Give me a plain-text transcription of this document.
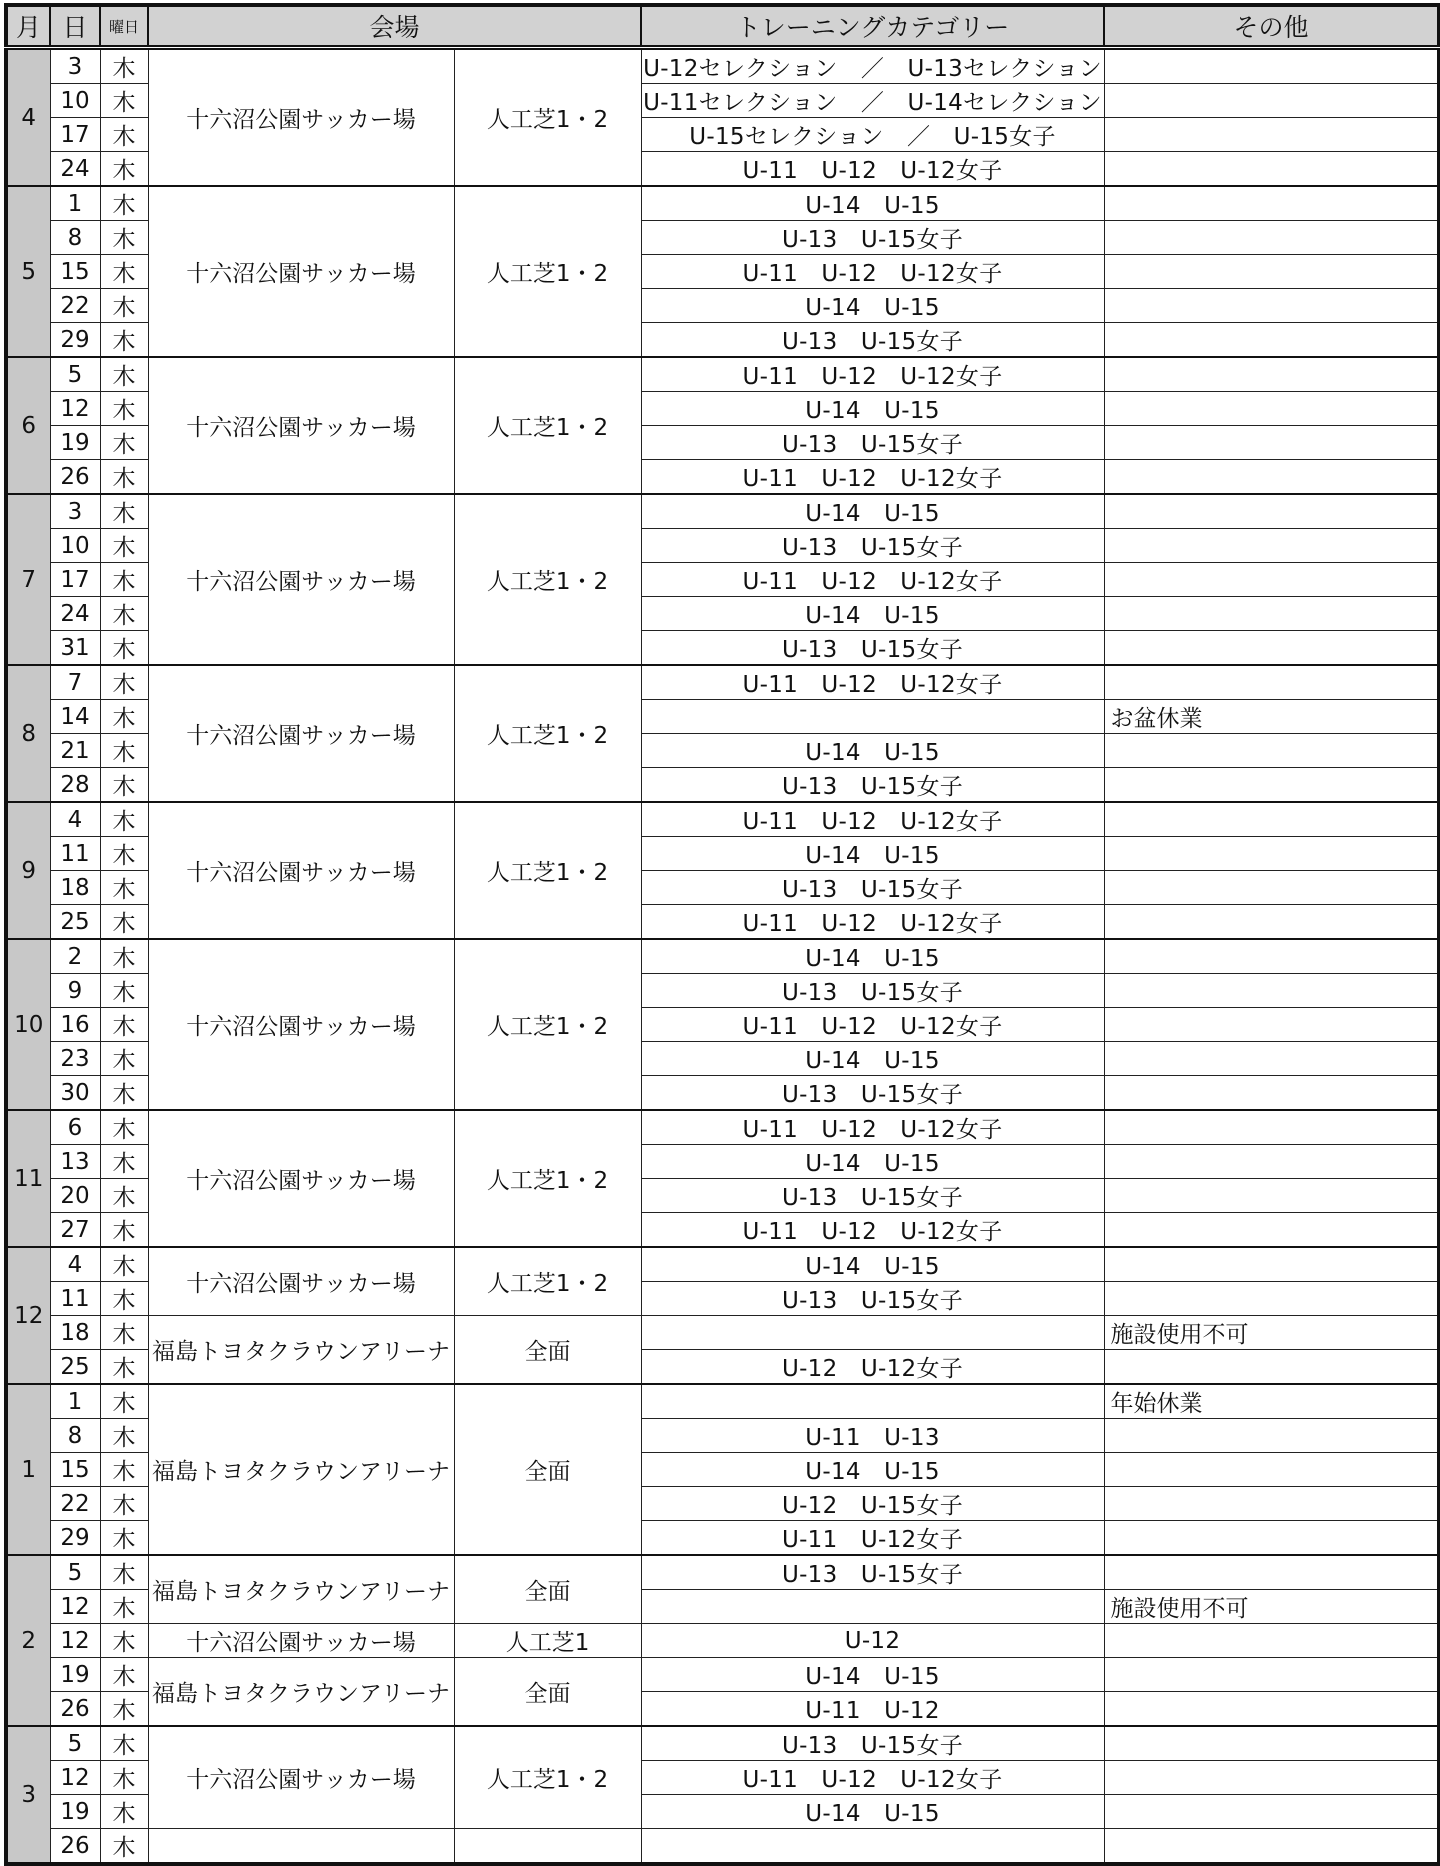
月	日	曜日	会場		トレーニングカテゴリー	その他
4	3	木	十六沼公園サッカー場	人工芝1・2	U-12セレクション　／　U-13セレクション	
	10	木			U-11セレクション　／　U-14セレクション	
	17	木			U-15セレクション　／　U-15女子	
	24	木			U-11　U-12　U-12女子	
5	1	木	十六沼公園サッカー場	人工芝1・2	U-14　U-15	
	8	木			U-13　U-15女子	
	15	木			U-11　U-12　U-12女子	
	22	木			U-14　U-15	
	29	木			U-13　U-15女子	
6	5	木	十六沼公園サッカー場	人工芝1・2	U-11　U-12　U-12女子	
	12	木			U-14　U-15	
	19	木			U-13　U-15女子	
	26	木			U-11　U-12　U-12女子	
7	3	木	十六沼公園サッカー場	人工芝1・2	U-14　U-15	
	10	木			U-13　U-15女子	
	17	木			U-11　U-12　U-12女子	
	24	木			U-14　U-15	
	31	木			U-13　U-15女子	
8	7	木	十六沼公園サッカー場	人工芝1・2	U-11　U-12　U-12女子	
	14	木				お盆休業
	21	木			U-14　U-15	
	28	木			U-13　U-15女子	
9	4	木	十六沼公園サッカー場	人工芝1・2	U-11　U-12　U-12女子	
	11	木			U-14　U-15	
	18	木			U-13　U-15女子	
	25	木			U-11　U-12　U-12女子	
10	2	木	十六沼公園サッカー場	人工芝1・2	U-14　U-15	
	9	木			U-13　U-15女子	
	16	木			U-11　U-12　U-12女子	
	23	木			U-14　U-15	
	30	木			U-13　U-15女子	
11	6	木	十六沼公園サッカー場	人工芝1・2	U-11　U-12　U-12女子	
	13	木			U-14　U-15	
	20	木			U-13　U-15女子	
	27	木			U-11　U-12　U-12女子	
12	4	木	十六沼公園サッカー場	人工芝1・2	U-14　U-15	
	11	木			U-13　U-15女子	
	18	木	福島トヨタクラウンアリーナ	全面		施設使用不可
	25	木			U-12　U-12女子	
1	1	木	福島トヨタクラウンアリーナ	全面		年始休業
	8	木			U-11　U-13	
	15	木			U-14　U-15	
	22	木			U-12　U-15女子	
	29	木			U-11　U-12女子	
2	5	木	福島トヨタクラウンアリーナ	全面	U-13　U-15女子	
	12	木				施設使用不可
	12	木	十六沼公園サッカー場	人工芝1	U-12	
	19	木	福島トヨタクラウンアリーナ	全面	U-14　U-15	
	26	木			U-11　U-12	
3	5	木	十六沼公園サッカー場	人工芝1・2	U-13　U-15女子	
	12	木			U-11　U-12　U-12女子	
	19	木			U-14　U-15	
	26	木				
